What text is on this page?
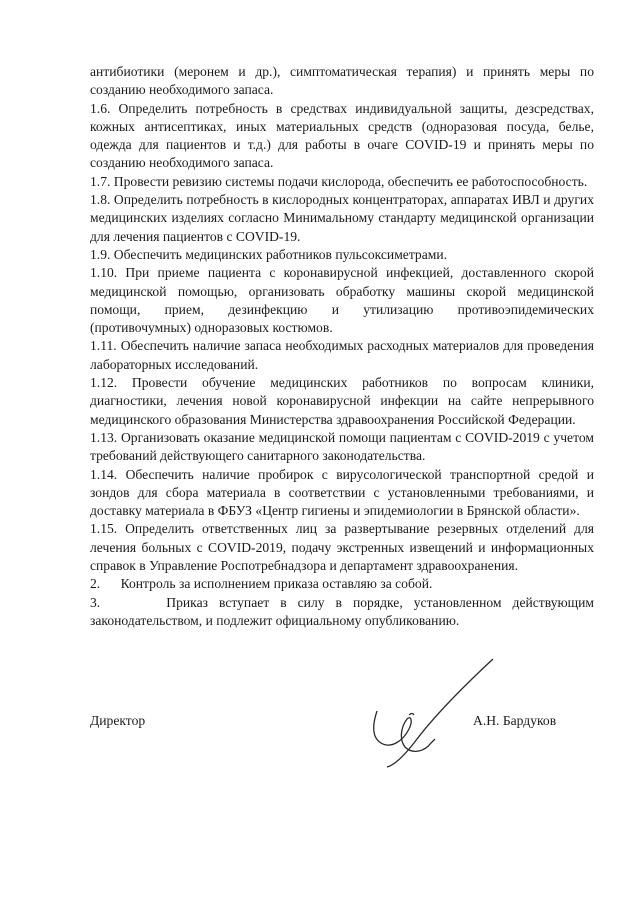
антибиотики (меронем и др.), симптоматическая терапия) и принять меры по созданию необходимого запаса.

1.6. Определить потребность в средствах индивидуальной защиты, дезсредствах, кожных антисептиках, иных материальных средств (одноразовая посуда, белье, одежда для пациентов и т.д.) для работы в очаге COVID-19 и принять меры по созданию необходимого запаса.

1.7. Провести ревизию системы подачи кислорода, обеспечить ее работоспособность.

1.8. Определить потребность в кислородных концентраторах, аппаратах ИВЛ и других медицинских изделиях согласно Минимальному стандарту медицинской организации для лечения пациентов с COVID-19.

1.9. Обеспечить медицинских работников пульсоксиметрами.

1.10. При приеме пациента с коронавирусной инфекцией, доставленного скорой медицинской помощью, организовать обработку машины скорой медицинской помощи, прием, дезинфекцию и утилизацию противоэпидемических (противочумных) одноразовых костюмов.

1.11. Обеспечить наличие запаса необходимых расходных материалов для проведения лабораторных исследований.

1.12. Провести обучение медицинских работников по вопросам клиники, диагностики, лечения новой коронавирусной инфекции на сайте непрерывного медицинского образования Министерства здравоохранения Российской Федерации.

1.13. Организовать оказание медицинской помощи пациентам с COVID-2019 с учетом требований действующего санитарного законодательства.

1.14. Обеспечить наличие пробирок с вирусологической транспортной средой и зондов для сбора материала в соответствии с установленными требованиями, и доставку материала в ФБУЗ «Центр гигиены и эпидемиологии в Брянской области».

1.15. Определить ответственных лиц за развертывание резервных отделений для лечения больных с COVID-2019, подачу экстренных извещений и информационных справок в Управление Роспотребнадзора и департамент здравоохранения.

2.      Контроль за исполнением приказа оставляю за собой.

3.      Приказ вступает в силу в порядке, установленном действующим законодательством, и подлежит официальному опубликованию.

Директор	А.Н. Бардуков
